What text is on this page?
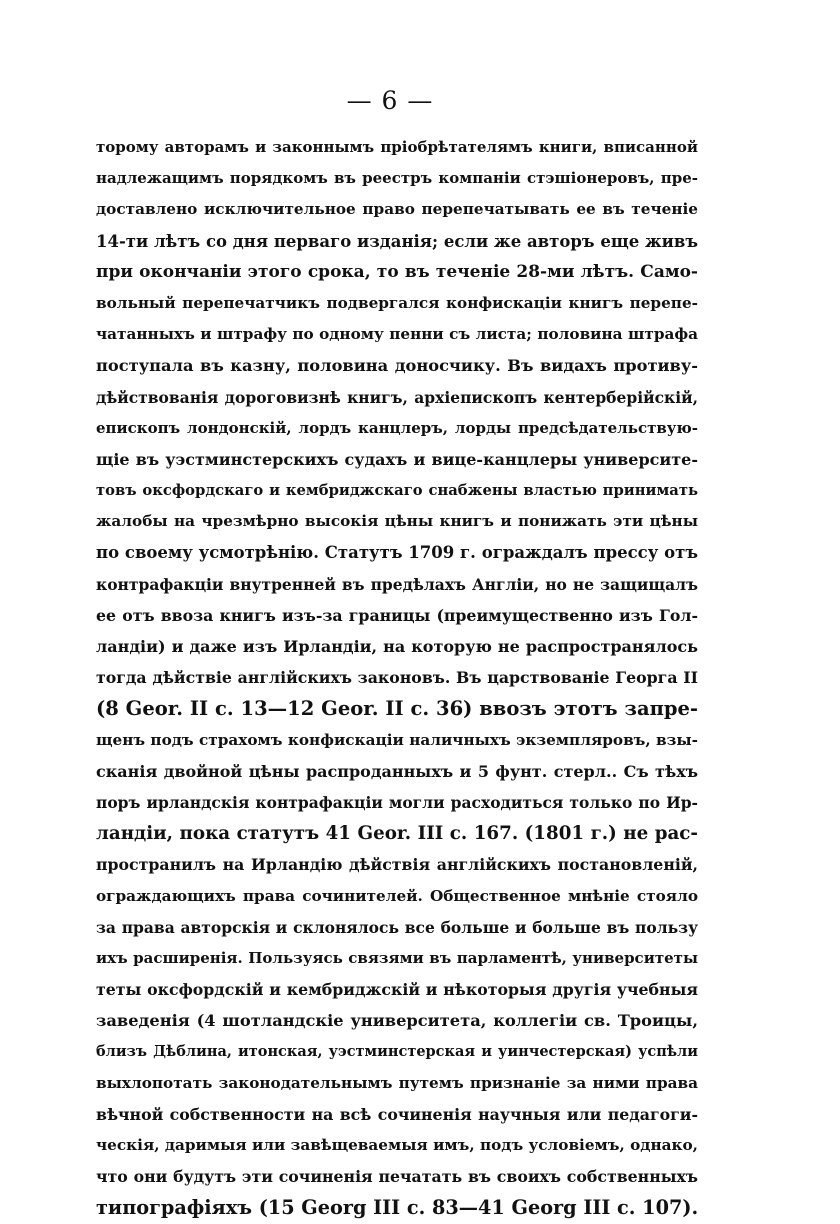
— 6 —
торому авторамъ и законнымъ пріобрѣтателямъ книги, вписанной
надлежащимъ порядкомъ въ реестръ компаніи стэшіонеровъ, пре-
доставлено исключительное право перепечатывать ее въ теченіе
14-ти лѣтъ со дня перваго изданія; если же авторъ еще живъ
при окончаніи этого срока, то въ теченіе 28-ми лѣтъ. Само-
вольный перепечатчикъ подвергался конфискаціи книгъ перепе-
чатанныхъ и штрафу по одному пенни съ листа; половина штрафа
поступала въ казну, половина доносчику. Въ видахъ противу-
дѣйствованія дороговизнѣ книгъ, архіепископъ кентерберійскій,
епископъ лондонскій, лордъ канцлеръ, лорды предсѣдательствую-
щіе въ уэстминстерскихъ судахъ и вице-канцлеры университе-
товъ оксфордскаго и кембриджскаго снабжены властью принимать
жалобы на чрезмѣрно высокія цѣны книгъ и понижать эти цѣны
по своему усмотрѣнію. Статутъ 1709 г. ограждалъ прессу отъ
контрафакціи внутренней въ предѣлахъ Англіи, но не защищалъ
ее отъ ввоза книгъ изъ-за границы (преимущественно изъ Гол-
ландіи) и даже изъ Ирландіи, на которую не распространялось
тогда дѣйствіе англійскихъ законовъ. Въ царствованіе Георга II
(8 Geor. II c. 13—12 Geor. II c. 36) ввозъ этотъ запре-
щенъ подъ страхомъ конфискаціи наличныхъ экземпляровъ, взы-
сканія двойной цѣны распроданныхъ и 5 фунт. стерл.. Съ тѣхъ
поръ ирландскія контрафакціи могли расходиться только по Ир-
ландіи, пока статутъ 41 Geor. III c. 167. (1801 г.) не рас-
пространилъ на Ирландію дѣйствія англійскихъ постановленій,
ограждающихъ права сочинителей. Общественное мнѣніе стояло
за права авторскія и склонялось все больше и больше въ пользу
ихъ расширенія. Пользуясь связями въ парламентѣ, университеты
теты оксфордскій и кембриджскій и нѣкоторыя другія учебныя
заведенія (4 шотландскіе университета, коллегіи св. Троицы,
близъ Дѣблина, итонская, уэстминстерская и уинчестерская) успѣли
выхлопотать законодательнымъ путемъ признаніе за ними права
вѣчной собственности на всѣ сочиненія научныя или педагоги-
ческія, даримыя или завѣщеваемыя имъ, подъ условіемъ, однако,
что они будутъ эти сочиненія печатать въ своихъ собственныхъ
типографіяхъ (15 Georg III c. 83—41 Georg III c. 107).
